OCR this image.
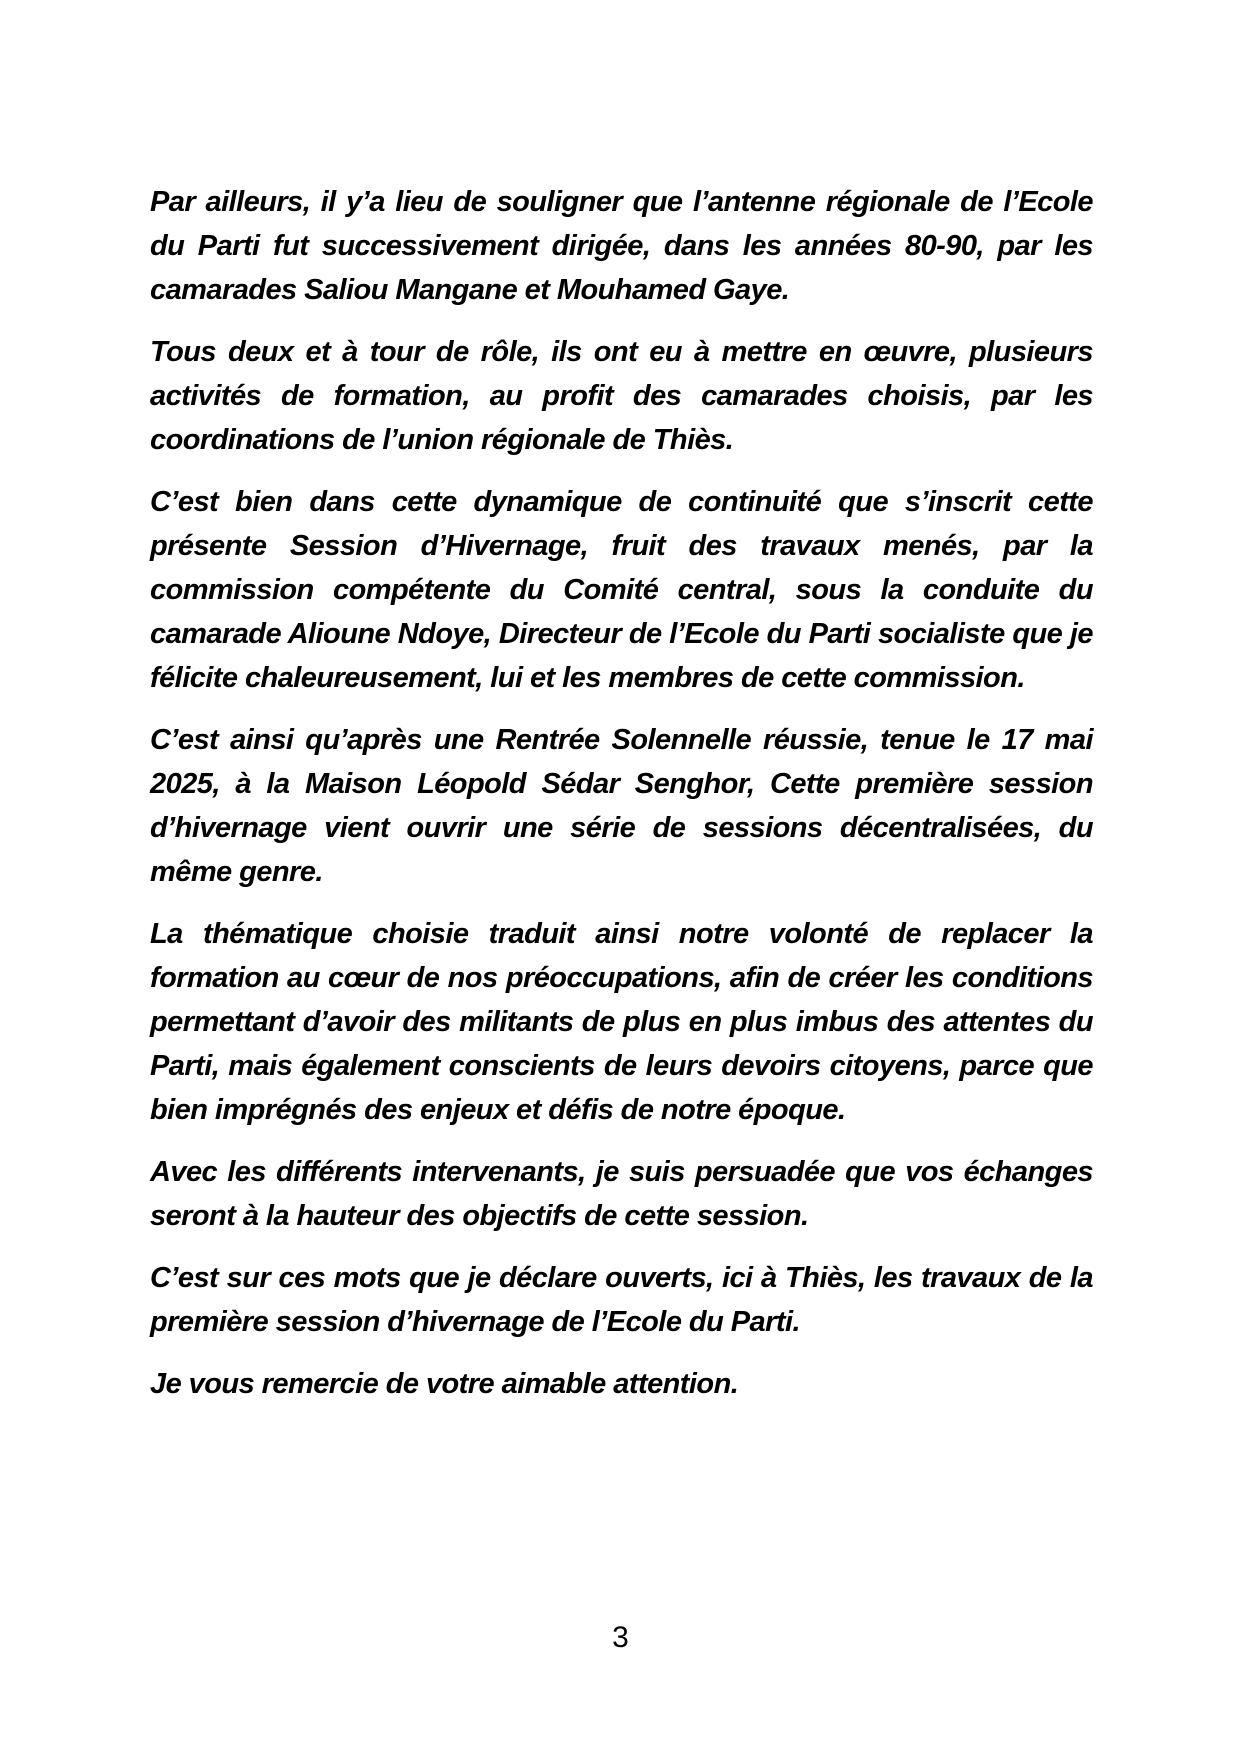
Par ailleurs, il y’a lieu de souligner que l’antenne régionale de l’Ecole du Parti fut successivement dirigée, dans les années 80-90, par les camarades Saliou Mangane et Mouhamed Gaye.

Tous deux et à tour de rôle, ils ont eu à mettre en œuvre, plusieurs activités de formation, au profit des camarades choisis, par les coordinations de l’union régionale de Thiès.

C’est bien dans cette dynamique de continuité que s’inscrit cette présente Session d’Hivernage, fruit des travaux menés, par la commission compétente du Comité central, sous la conduite du camarade Alioune Ndoye, Directeur de l’Ecole du Parti socialiste que je félicite chaleureusement, lui et les membres de cette commission.

C’est ainsi qu’après une Rentrée Solennelle réussie, tenue le 17 mai 2025, à la Maison Léopold Sédar Senghor, Cette première session d’hivernage vient ouvrir une série de sessions décentralisées, du même genre.

La thématique choisie traduit ainsi notre volonté de replacer la formation au cœur de nos préoccupations, afin de créer les conditions permettant d’avoir des militants de plus en plus imbus des attentes du Parti, mais également conscients de leurs devoirs citoyens, parce que bien imprégnés des enjeux et défis de notre époque.

Avec les différents intervenants, je suis persuadée que vos échanges seront à la hauteur des objectifs de cette session.

C’est sur ces mots que je déclare ouverts, ici à Thiès, les travaux de la première session d’hivernage de l’Ecole du Parti.

Je vous remercie de votre aimable attention.

3
